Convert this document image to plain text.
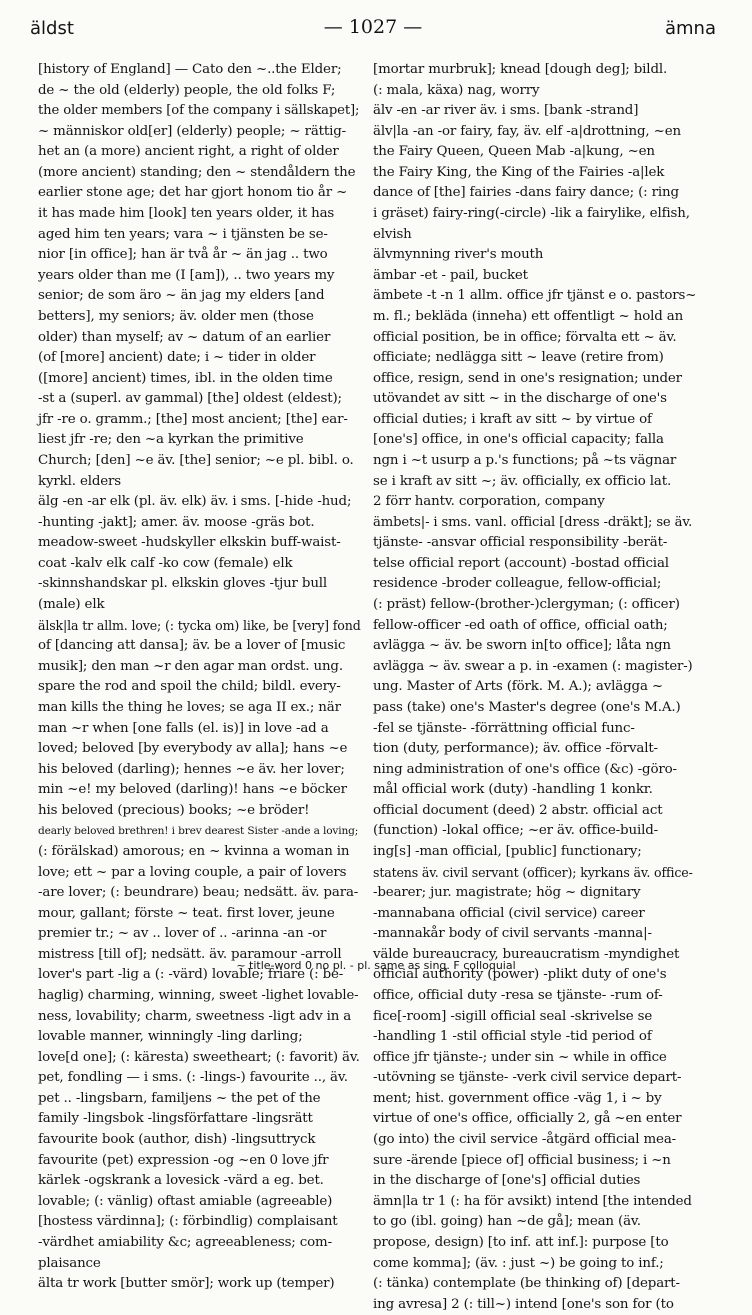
äldst	— 1027 —	ämna
[history of England] — Cato den ~..the Elder;
de ~ the old (elderly) people, the old folks F;
the older members [of the company i sällskapet];
~ människor old[er] (elderly) people; ~ rättig-
het an (a more) ancient right, a right of older
(more ancient) standing; den ~ stendåldern the
earlier stone age; det har gjort honom tio år ~
it has made him [look] ten years older, it has
aged him ten years; vara ~ i tjänsten be se-
nior [in office]; han är två år ~ än jag .. two
years older than me (I [am]), .. two years my
senior; de som äro ~ än jag my elders [and
betters], my seniors; äv. older men (those
older) than myself; av ~ datum of an earlier
(of [more] ancient) date; i ~ tider in older
([more] ancient) times, ibl. in the olden time
-st a (superl. av gammal) [the] oldest (eldest);
jfr -re o. gramm.; [the] most ancient; [the] ear-
liest jfr -re; den ~a kyrkan the primitive
Church; [den] ~e äv. [the] senior; ~e pl. bibl. o.
kyrkl. elders
älg -en -ar elk (pl. äv. elk) äv. i sms. [-hide -hud;
-hunting -jakt]; amer. äv. moose -gräs bot.
meadow-sweet -hudskyller elkskin buff-waist-
coat -kalv elk calf -ko cow (female) elk
-skinnshandskar pl. elkskin gloves -tjur bull
(male) elk
älsk|la tr allm. love; (: tycka om) like, be [very] fond
of [dancing att dansa]; äv. be a lover of [music
musik]; den man ~r den agar man ordst. ung.
spare the rod and spoil the child; bildl. every-
man kills the thing he loves; se aga II ex.; när
man ~r when [one falls (el. is)] in love -ad a
loved; beloved [by everybody av alla]; hans ~e
his beloved (darling); hennes ~e äv. her lover;
min ~e! my beloved (darling)! hans ~e böcker
his beloved (precious) books; ~e bröder!
dearly beloved brethren! i brev dearest Sister -ande a loving;
(: förälskad) amorous; en ~ kvinna a woman in
love; ett ~ par a loving couple, a pair of lovers
-are lover; (: beundrare) beau; nedsätt. äv. para-
mour, gallant; förste ~ teat. first lover, jeune
premier tr.; ~ av .. lover of .. -arinna -an -or
mistress [till of]; nedsätt. äv. paramour -arroll
lover's part -lig a (: -värd) lovable; friare (: be-
haglig) charming, winning, sweet -lighet lovable-
ness, lovability; charm, sweetness -ligt adv in a
lovable manner, winningly -ling darling;
love[d one]; (: käresta) sweetheart; (: favorit) äv.
pet, fondling — i sms. (: -lings-) favourite .., äv.
pet .. -lingsbarn, familjens ~ the pet of the
family -lingsbok -lingsförfattare -lingsrätt
favourite book (author, dish) -lingsuttryck
favourite (pet) expression -og ~en 0 love jfr
kärlek -ogskrank a lovesick -värd a eg. bet.
lovable; (: vänlig) oftast amiable (agreeable)
[hostess värdinna]; (: förbindlig) complaisant
-värdhet amiability &c; agreeableness; com-
plaisance
älta tr work [butter smör]; work up (temper)
[mortar murbruk]; knead [dough deg]; bildl.
(: mala, käxa) nag, worry
älv -en -ar river äv. i sms. [bank -strand]
älv|la -an -or fairy, fay, äv. elf -a|drottning, ~en
the Fairy Queen, Queen Mab -a|kung, ~en
the Fairy King, the King of the Fairies -a|lek
dance of [the] fairies -dans fairy dance; (: ring
i gräset) fairy-ring(-circle) -lik a fairylike, elfish,
elvish
älvmynning river's mouth
ämbar -et - pail, bucket
ämbete -t -n 1 allm. office jfr tjänst e o. pastors~
m. fl.; bekläda (inneha) ett offentligt ~ hold an
official position, be in office; förvalta ett ~ äv.
officiate; nedlägga sitt ~ leave (retire from)
office, resign, send in one's resignation; under
utövandet av sitt ~ in the discharge of one's
official duties; i kraft av sitt ~ by virtue of
[one's] office, in one's official capacity; falla
ngn i ~t usurp a p.'s functions; på ~ts vägnar
se i kraft av sitt ~; äv. officially, ex officio lat.
2 förr hantv. corporation, company
ämbets|- i sms. vanl. official [dress -dräkt]; se äv.
tjänste- -ansvar official responsibility -berät-
telse official report (account) -bostad official
residence -broder colleague, fellow-official;
(: präst) fellow-(brother-)clergyman; (: officer)
fellow-officer -ed oath of office, official oath;
avlägga ~ äv. be sworn in[to office]; låta ngn
avlägga ~ äv. swear a p. in -examen (: magister-)
ung. Master of Arts (förk. M. A.); avlägga ~
pass (take) one's Master's degree (one's M.A.)
-fel se tjänste- -förrättning official func-
tion (duty, performance); äv. office -förvalt-
ning administration of one's office (&c) -göro-
mål official work (duty) -handling 1 konkr.
official document (deed) 2 abstr. official act
(function) -lokal office; ~er äv. office-build-
ing[s] -man official, [public] functionary;
statens äv. civil servant (officer); kyrkans äv. office-
-bearer; jur. magistrate; hög ~ dignitary
-mannabana official (civil service) career
-mannakår body of civil servants -manna|-
välde bureaucracy, bureaucratism -myndighet
official authority (power) -plikt duty of one's
office, official duty -resa se tjänste- -rum of-
fice[-room] -sigill official seal -skrivelse se
-handling 1 -stil official style -tid period of
office jfr tjänste-; under sin ~ while in office
-utövning se tjänste- -verk civil service depart-
ment; hist. government office -väg 1, i ~ by
virtue of one's office, officially 2, gå ~en enter
(go into) the civil service -åtgärd official mea-
sure -ärende [piece of] official business; i ~n
in the discharge of [one's] official duties
ämn|la tr 1 (: ha för avsikt) intend [the intended
to go (ibl. going) han ~de gå]; mean (äv.
propose, design) [to inf. att inf.]: purpose [to
come komma]; (äv. : just ~) be going to inf.;
(: tänka) contemplate (be thinking of) [depart-
ing avresa] 2 (: till~) intend [one's son for (to
~ title-word 0 no pl. - pl. same as sing. F colloquial
